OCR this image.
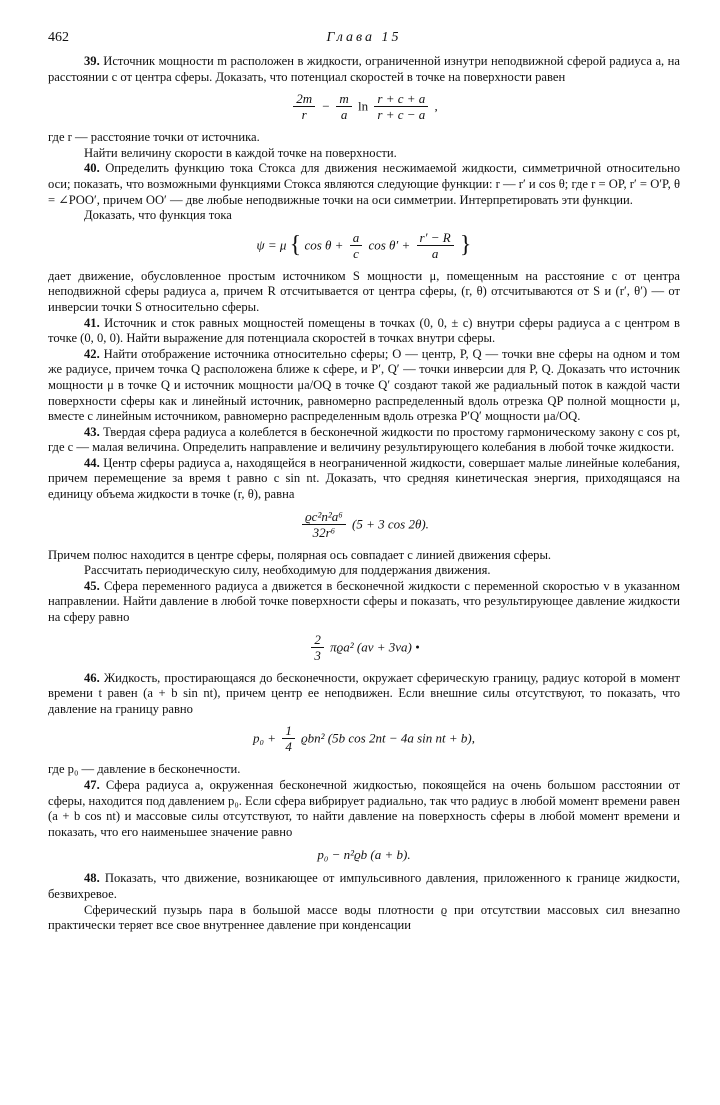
462	Глава 15

39. Источник мощности m расположен в жидкости, ограниченной изнутри неподвижной сферой радиуса a, на расстоянии c от центра сферы. Доказать, что потенциал скоростей в точке на поверхности равен

$\frac{2m}{r} - \frac{m}{a}$ $\ln \frac{r + c + a}{r + c - a}$ ,

где r — расстояние точки от источника.

Найти величину скорости в каждой точке на поверхности.

40. Определить функцию тока Стокса для движения несжимаемой жидкости, симметричной относительно оси; показать, что возможными функциями Стокса являются следующие функции: r — r′ и cos θ; где r = OP, r′ = O′P, θ = ∠POO′, причем OO′ — две любые неподвижные точки на оси симметрии. Интерпретировать эти функции.

Доказать, что функция тока

ψ = μ { $\cos \theta + \frac{a}{c}$ $\cos \theta' + \frac{r' - R}{a}$ }

дает движение, обусловленное простым источником S мощности μ, помещенным на расстояние c от центра неподвижной сферы радиуса a, причем R отсчитывается от центра сферы, (r, θ) отсчитываются от S и (r′, θ′) — от инверсии точки S относительно сферы.

41. Источник и сток равных мощностей помещены в точках (0, 0, ± c) внутри сферы радиуса a с центром в точке (0, 0, 0). Найти выражение для потенциала скоростей в точках внутри сферы.

42. Найти отображение источника относительно сферы; O — центр, P, Q — точки вне сферы на одном и том же радиусе, причем точка Q расположена ближе к сфере, и P′, Q′ — точки инверсии для P, Q. Доказать что источник мощности μ в точке Q и источник мощности μa/OQ в точке Q′ создают такой же радиальный поток в каждой части поверхности сферы как и линейный источник, равномерно распределенный вдоль отрезка QP полной мощности μ, вместе с линейным источником, равномерно распределенным вдоль отрезка P′Q′ мощности μa/OQ.

43. Твердая сфера радиуса a колеблется в бесконечной жидкости по простому гармоническому закону c cos pt, где c — малая величина. Определить направление и величину результирующего колебания в любой точке жидкости.

44. Центр сферы радиуса a, находящейся в неограниченной жидкости, совершает малые линейные колебания, причем перемещение за время t равно c sin nt. Доказать, что средняя кинетическая энергия, приходящаяся на единицу объема жидкости в точке (r, θ), равна

$\frac{\text{ϱc²n²a⁶}}{\text{32r⁶}} (5 + 3$ cos 2θ).

Причем полюс находится в центре сферы, полярная ось совпадает с линией движения сферы.

Рассчитать периодическую силу, необходимую для поддержания движения.

45. Сфера переменного радиуса a движется в бесконечной жидкости с переменной скоростью v в указанном направлении. Найти давление в любой точке поверхности сферы и показать, что результирующее давление жидкости на сферу равно

$\frac{2}{3} \pi ϱa^2$ (av + 3va) •

46. Жидкость, простирающаяся до бесконечности, окружает сферическую границу, радиус которой в момент времени t равен (a + b sin nt), причем центр ее неподвижен. Если внешние силы отсутствуют, то показать, что давление на границу равно

$p_0 + \frac{1}{4} ϱbn^2$ (5b cos 2nt − 4a sin nt + b),

где p₀ — давление в бесконечности.

47. Сфера радиуса a, окруженная бесконечной жидкостью, покоящейся на очень большом расстоянии от сферы, находится под давлением p₀. Если сфера вибрирует радиально, так что радиус в любой момент времени равен (a + b cos nt) и массовые силы отсутствуют, то найти давление на поверхность сферы в любой момент времени и показать, что его наименьшее значение равно

p₀ − n²ϱb (a + b).

48. Показать, что движение, возникающее от импульсивного давления, приложенного к границе жидкости, безвихревое.

Сферический пузырь пара в большой массе воды плотности ϱ при отсутствии массовых сил внезапно практически теряет все свое внутреннее давление при конденсации
